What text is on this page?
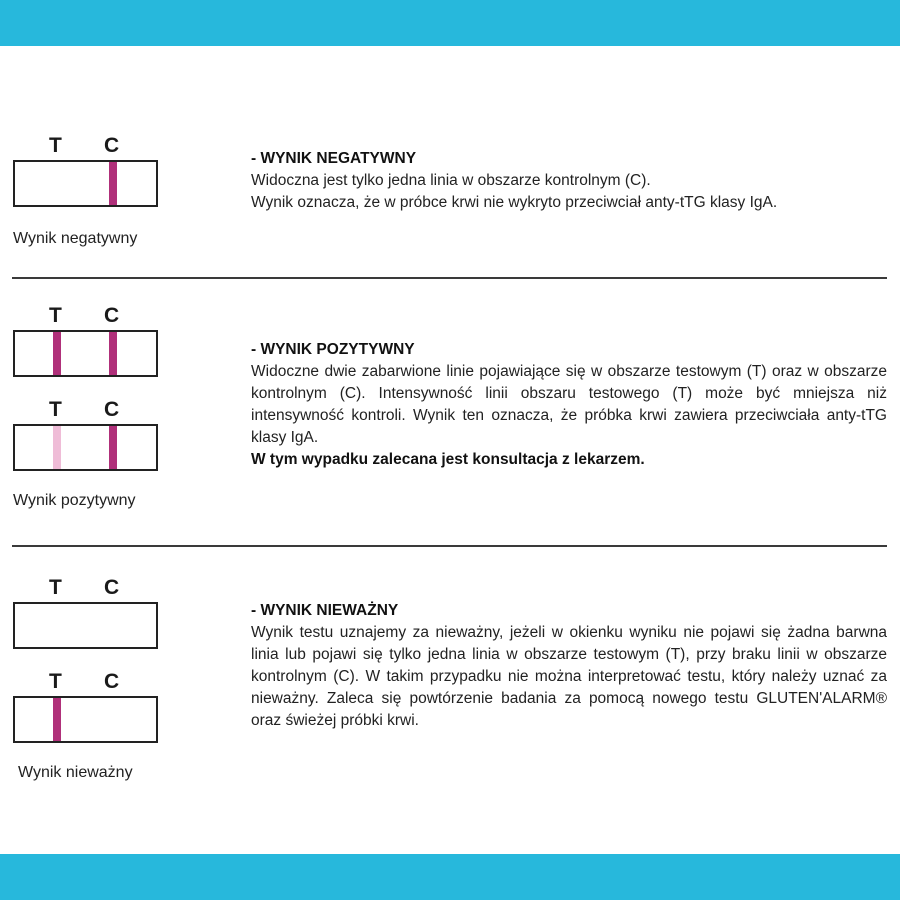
T C
Wynik negatywny

- WYNIK NEGATYWNY

Widoczna jest tylko jedna linia w obszarze kontrolnym (C).

Wynik oznacza, że w próbce krwi nie wykryto przeciwciał anty-tTG klasy IgA.

T C
T C
Wynik pozytywny

- WYNIK POZYTYWNY

Widoczne dwie zabarwione linie pojawiające się w obszarze testowym (T) oraz w obszarze kontrolnym (C). Intensywność linii obszaru testowego (T) może być mniejsza niż intensywność kontroli. Wynik ten oznacza, że próbka krwi zawiera przeciwciała anty-tTG klasy IgA.

W tym wypadku zalecana jest konsultacja z lekarzem.

T C
T C
Wynik nieważny

- WYNIK NIEWAŻNY

Wynik testu uznajemy za nieważny, jeżeli w okienku wyniku nie pojawi się żadna barwna linia lub pojawi się tylko jedna linia w obszarze testowym (T), przy braku linii w obszarze kontrolnym (C). W takim przypadku nie można interpretować testu, który należy uznać za nieważny. Zaleca się powtórzenie badania za pomocą nowego testu GLUTEN'ALARM® oraz świeżej próbki krwi.
